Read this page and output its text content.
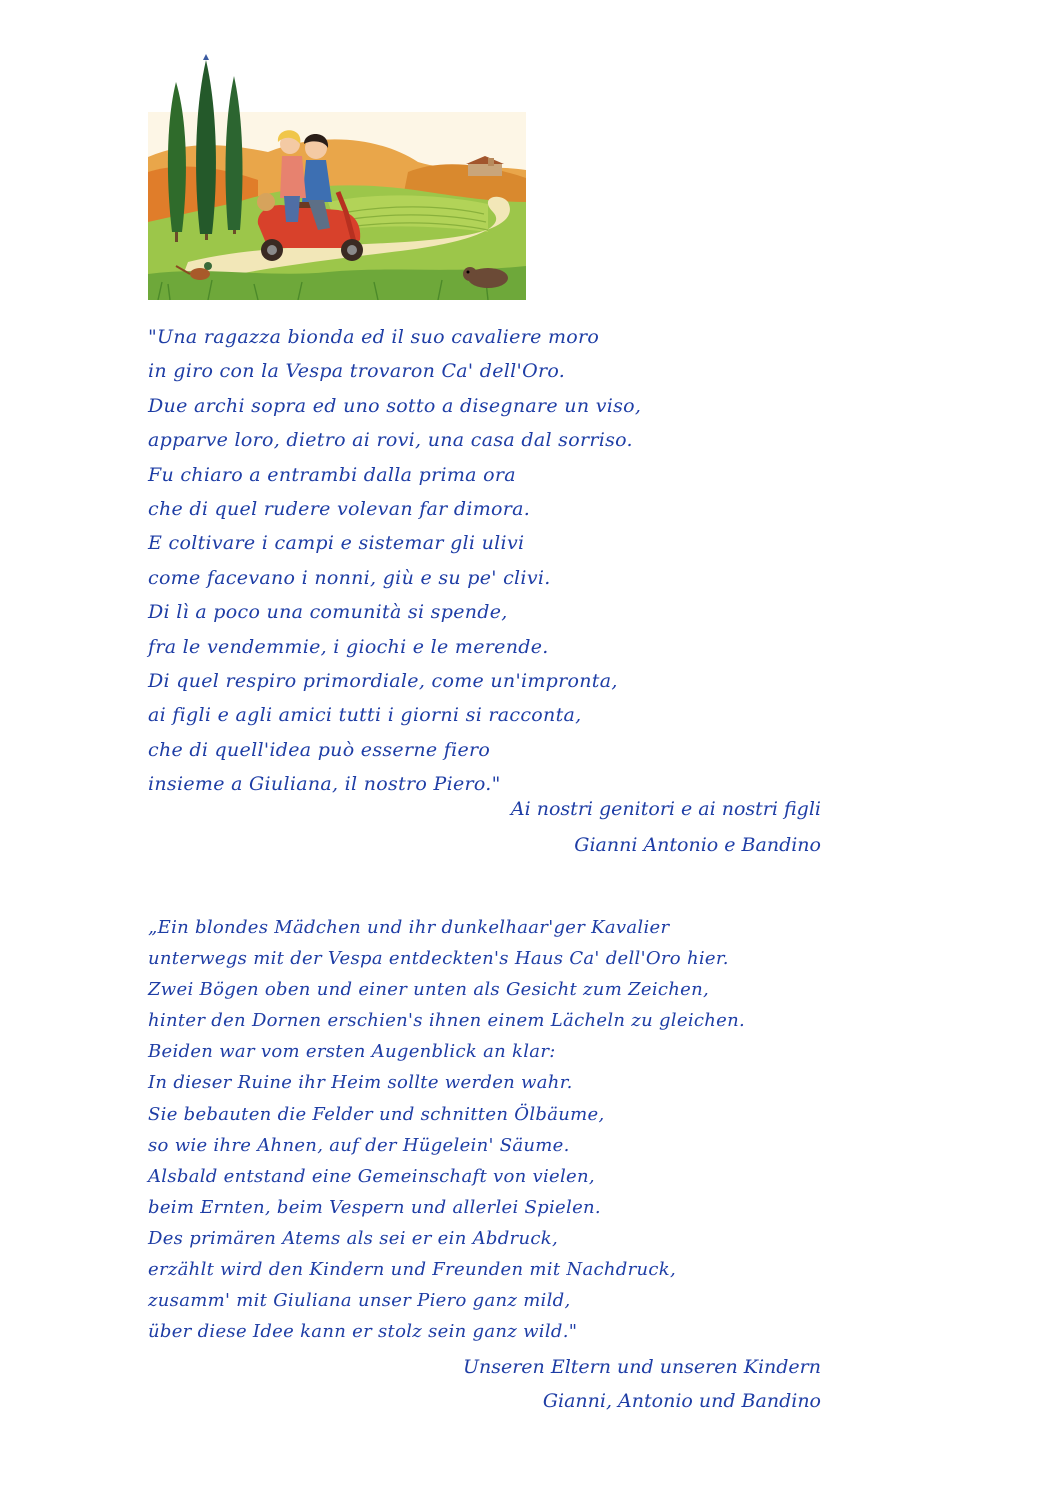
"Una ragazza bionda ed il suo cavaliere moro
in giro con la Vespa trovaron Ca' dell'Oro.
Due archi sopra ed uno sotto a disegnare un viso,
apparve loro, dietro ai rovi, una casa dal sorriso.
Fu chiaro a entrambi dalla prima ora
che di quel rudere volevan far dimora.
E coltivare i campi e sistemar gli ulivi
come facevano i nonni, giù e su pe' clivi.
Di lì a poco una comunità si spende,
fra le vendemmie, i giochi e le merende.
Di quel respiro primordiale, come un'impronta,
ai figli e agli amici tutti i giorni si racconta,
che di quell'idea può esserne fiero
insieme a Giuliana, il nostro Piero."
Ai nostri genitori e ai nostri figli
Gianni Antonio e Bandino
„Ein blondes Mädchen und ihr dunkelhaar'ger Kavalier
unterwegs mit der Vespa entdeckten's Haus Ca' dell'Oro hier.
Zwei Bögen oben und einer unten als Gesicht zum Zeichen,
hinter den Dornen erschien's ihnen einem Lächeln zu gleichen.
Beiden war vom ersten Augenblick an klar:
In dieser Ruine ihr Heim sollte werden wahr.
Sie bebauten die Felder und schnitten Ölbäume,
so wie ihre Ahnen, auf der Hügelein' Säume.
Alsbald entstand eine Gemeinschaft von vielen,
beim Ernten, beim Vespern und allerlei Spielen.
Des primären Atems als sei er ein Abdruck,
erzählt wird den Kindern und Freunden mit Nachdruck,
zusamm' mit Giuliana unser Piero ganz mild,
über diese Idee kann er stolz sein ganz wild."
Unseren Eltern und unseren Kindern
Gianni, Antonio und Bandino
